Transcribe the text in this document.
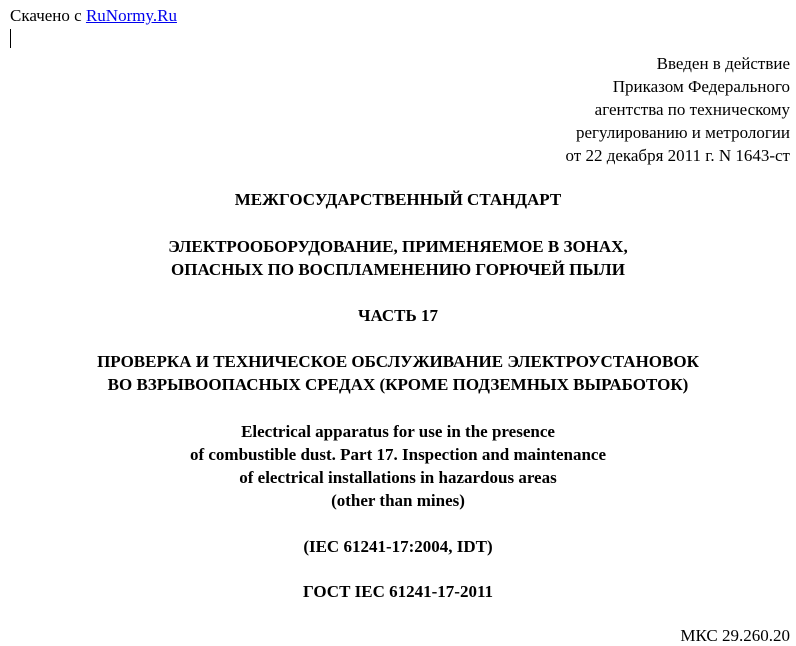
Скачено с RuNormy.Ru
Введен в действие
Приказом Федерального
агентства по техническому
регулированию и метрологии
от 22 декабря 2011 г. N 1643-ст
МЕЖГОСУДАРСТВЕННЫЙ СТАНДАРТ
ЭЛЕКТРООБОРУДОВАНИЕ, ПРИМЕНЯЕМОЕ В ЗОНАХ,
ОПАСНЫХ ПО ВОСПЛАМЕНЕНИЮ ГОРЮЧЕЙ ПЫЛИ
ЧАСТЬ 17
ПРОВЕРКА И ТЕХНИЧЕСКОЕ ОБСЛУЖИВАНИЕ ЭЛЕКТРОУСТАНОВОК
ВО ВЗРЫВООПАСНЫХ СРЕДАХ (КРОМЕ ПОДЗЕМНЫХ ВЫРАБОТОК)
Electrical apparatus for use in the presence
of combustible dust. Part 17. Inspection and maintenance
of electrical installations in hazardous areas
(other than mines)
(IEC 61241-17:2004, IDT)
ГОСТ IEC 61241-17-2011
МКС 29.260.20
